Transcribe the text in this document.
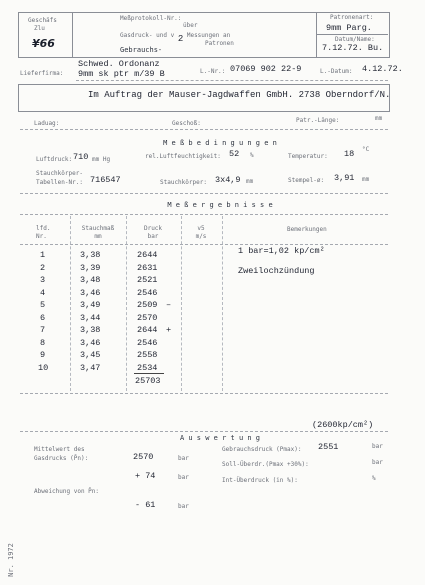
Geschäfs
Zlu
¥66
Meßprotokoll-Nr.:
über
Gasdruck- und v 2 Messungen an
Patronen
Gebrauchs-
Patronenart:
9mm Parg.
Datum/Name:
7.12.72. Bu.
Lieferfirma:
Schwed. Ordonanz
9mm sk ptr m/39 B	L.-Nr.: 07069 902 22-9	L.-Datum: 4.12.72.
Im Auftrag der Mauser-Jagdwaffen GmbH. 2738 Oberndorf/N.
Laduag:	Geschoß:	Patr.-Länge:	mm
M e ß b e d i n g u n g e n
Luftdruck: 710 mm Hg	rel.Luftfeuchtigkeit: 52 %	Temperatur: 18 °C
Stauchkörper-
Tabellen-Nr.: 716547	Stauchkörper: 3x4,9 mm	Stempel-ø: 3,91 mm
M e ß e r g e b n i s s e
lfd.
Nr.
Stauchmaß
mm
Druck
bar
v5
m/s
Bemerkungen
1	3,38	2644
2	3,39	2631
3	3,48	2521
4	3,46	2546
5	3,49	2509 –
6	3,44	2570
7	3,38	2644 +
8	3,46	2546
9	3,45	2558
10	3,47	2534
25703
1 bar=1,02 kp/cm²
Zweilochzündung
A u s w e r t u n g
(2600kp/cm²)
Mittelwert des
Gasdrucks (P̄n):	2570	bar
+ 74	bar
Abweichung von P̄n:
- 61	bar
Gebrauchsdruck (Pmax): 2551	bar
Soll-Überdr.(Pmax +30%):	bar
Int-Überdruck (in %):	%
Nr. 1972
